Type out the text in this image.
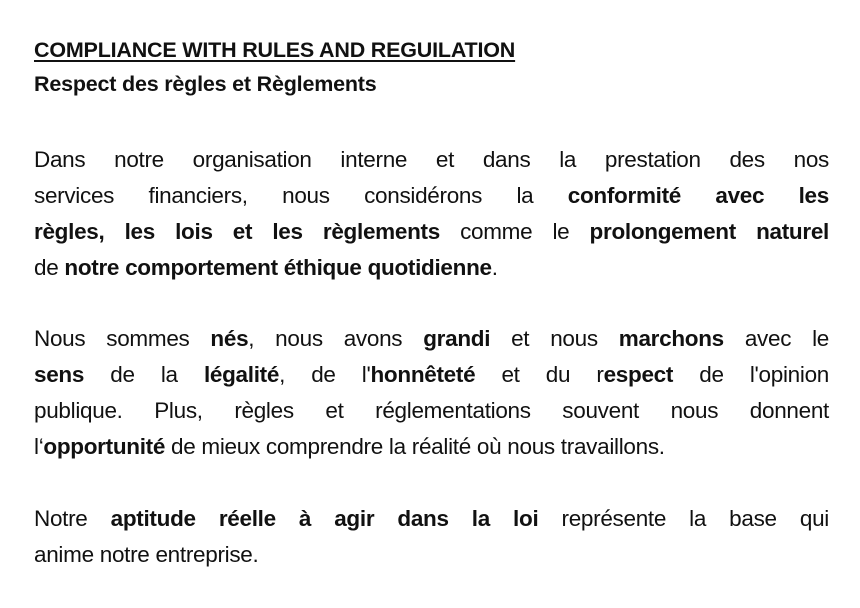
COMPLIANCE WITH RULES AND REGUILATION
Respect des règles et Règlements
Dans notre organisation interne et dans la prestation des nos
services financiers, nous considérons la conformité avec les
règles, les lois et les règlements comme le prolongement naturel
de notre comportement éthique quotidienne.
Nous sommes nés, nous avons grandi et nous marchons avec le
sens de la légalité, de l'honnêteté et du respect de l'opinion
publique. Plus, règles et réglementations souvent nous donnent
l‘opportunité de mieux comprendre la réalité où nous travaillons.
Notre aptitude réelle à agir dans la loi représente la base qui
anime notre entreprise.
